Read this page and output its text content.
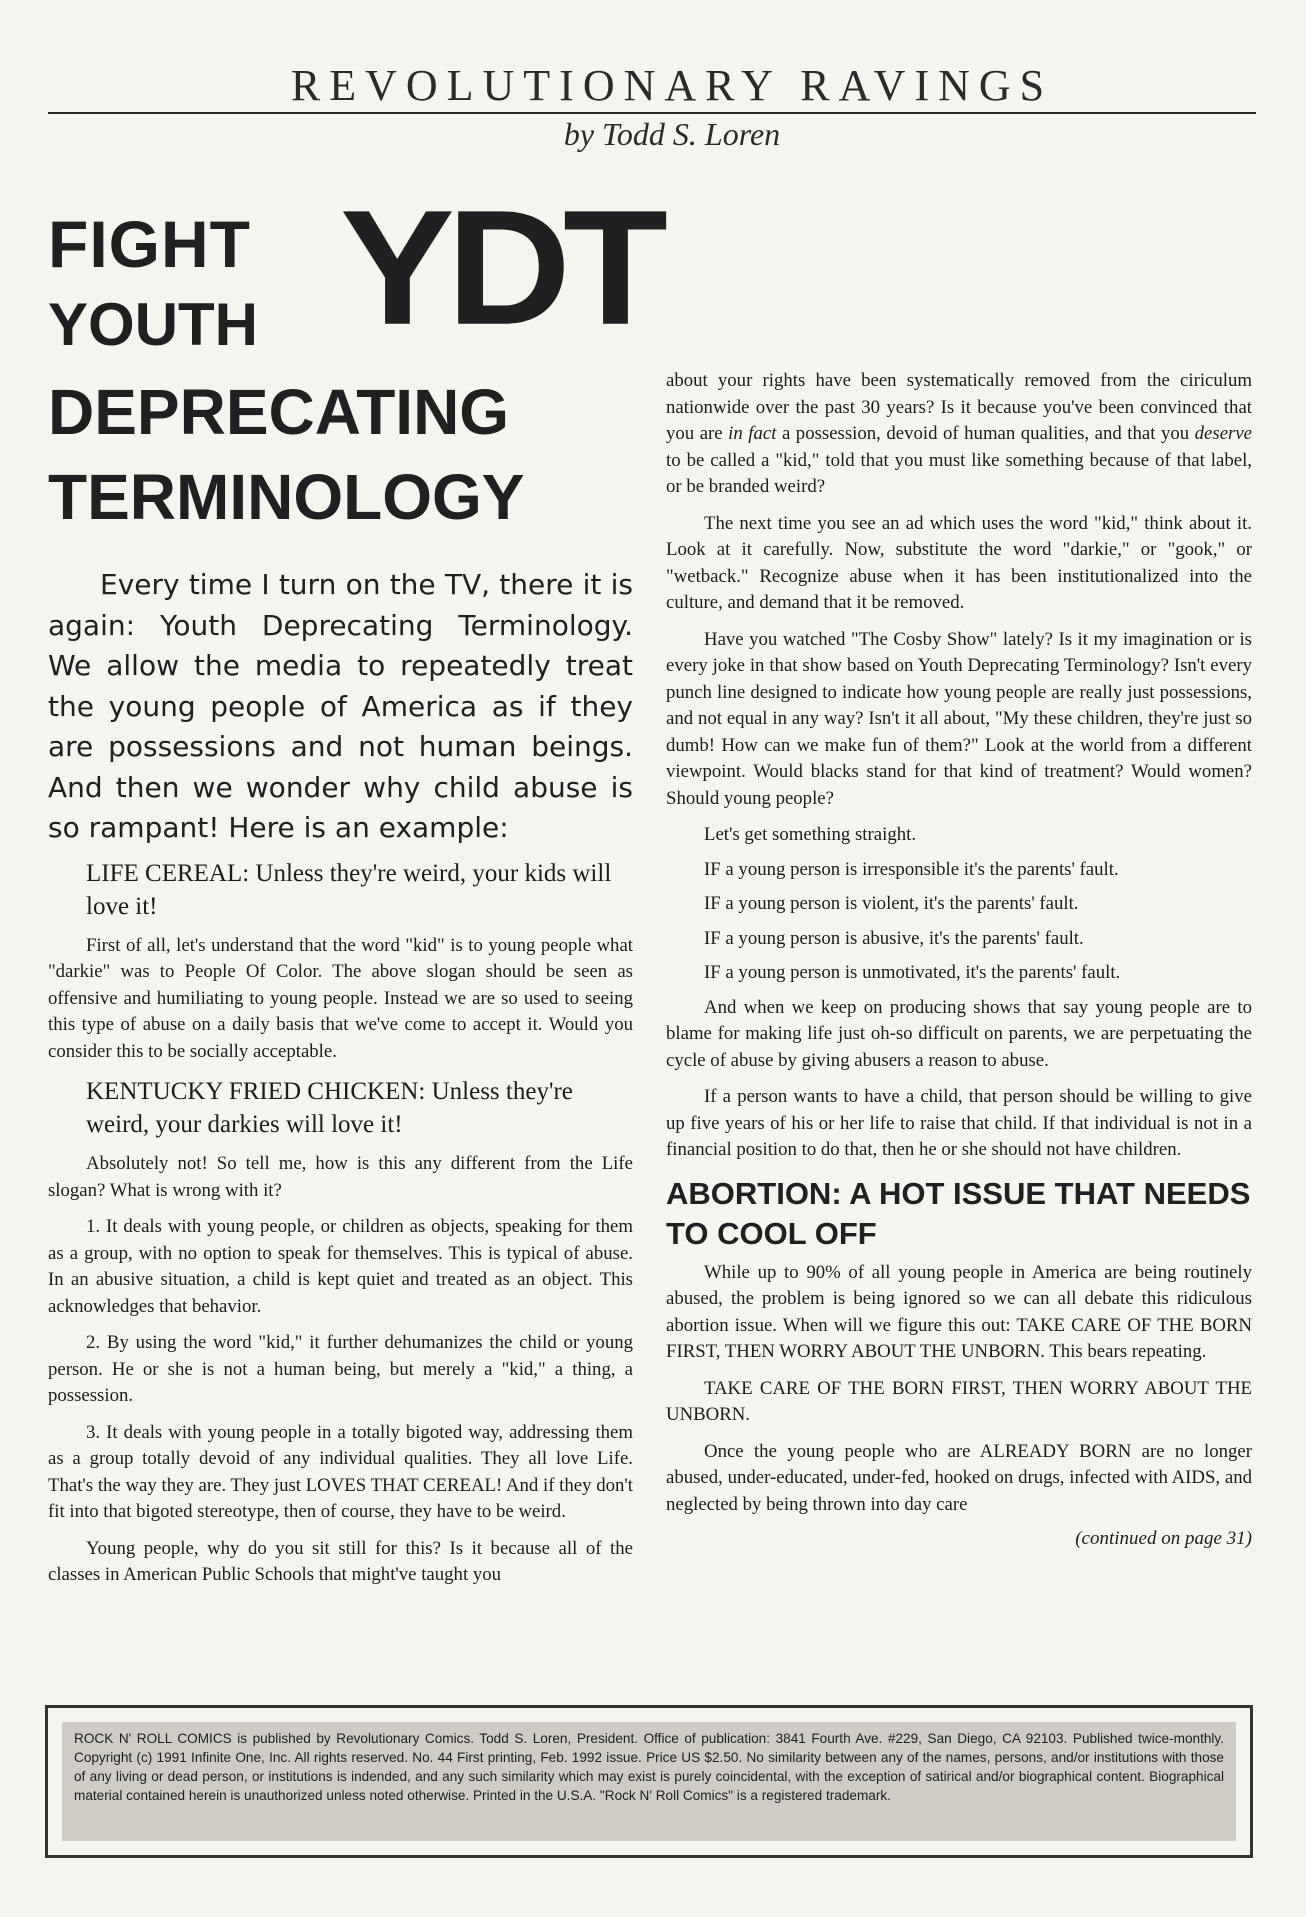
REVOLUTIONARY RAVINGS
by Todd S. Loren
FIGHT
YOUTH YDT
DEPRECATING
TERMINOLOGY

Every time I turn on the TV, there it is again: Youth Deprecating Terminology. We allow the media to repeatedly treat the young people of America as if they are possessions and not human beings. And then we wonder why child abuse is so rampant! Here is an example:

LIFE CEREAL: Unless they're weird, your kids will love it!

First of all, let's understand that the word "kid" is to young people what "darkie" was to People Of Color. The above slogan should be seen as offensive and humiliating to young people. Instead we are so used to seeing this type of abuse on a daily basis that we've come to accept it. Would you consider this to be socially acceptable.

KENTUCKY FRIED CHICKEN: Unless they're weird, your darkies will love it!

Absolutely not! So tell me, how is this any different from the Life slogan? What is wrong with it?

1. It deals with young people, or children as objects, speaking for them as a group, with no option to speak for themselves. This is typical of abuse. In an abusive situation, a child is kept quiet and treated as an object. This acknowledges that behavior.
2. By using the word "kid," it further dehumanizes the child or young person. He or she is not a human being, but merely a "kid," a thing, a possession.
3. It deals with young people in a totally bigoted way, addressing them as a group totally devoid of any individual qualities. They all love Life. That's the way they are. They just LOVES THAT CEREAL! And if they don't fit into that bigoted stereotype, then of course, they have to be weird.

Young people, why do you sit still for this? Is it because all of the classes in American Public Schools that might've taught you

about your rights have been systematically removed from the ciriculum nationwide over the past 30 years? Is it because you've been convinced that you are in fact a possession, devoid of human qualities, and that you deserve to be called a "kid," told that you must like something because of that label, or be branded weird?

The next time you see an ad which uses the word "kid," think about it. Look at it carefully. Now, substitute the word "darkie," or "gook," or "wetback." Recognize abuse when it has been institutionalized into the culture, and demand that it be removed.

Have you watched "The Cosby Show" lately? Is it my imagination or is every joke in that show based on Youth Deprecating Terminology? Isn't every punch line designed to indicate how young people are really just possessions, and not equal in any way? Isn't it all about, "My these children, they're just so dumb! How can we make fun of them?" Look at the world from a different viewpoint. Would blacks stand for that kind of treatment? Would women? Should young people?

Let's get something straight.

IF a young person is irresponsible it's the parents' fault.
IF a young person is violent, it's the parents' fault.
IF a young person is abusive, it's the parents' fault.
IF a young person is unmotivated, it's the parents' fault.

And when we keep on producing shows that say young people are to blame for making life just oh-so difficult on parents, we are perpetuating the cycle of abuse by giving abusers a reason to abuse.

If a person wants to have a child, that person should be willing to give up five years of his or her life to raise that child. If that individual is not in a financial position to do that, then he or she should not have children.

ABORTION: A HOT ISSUE THAT NEEDS TO COOL OFF

While up to 90% of all young people in America are being routinely abused, the problem is being ignored so we can all debate this ridiculous abortion issue. When will we figure this out: TAKE CARE OF THE BORN FIRST, THEN WORRY ABOUT THE UNBORN. This bears repeating.

TAKE CARE OF THE BORN FIRST, THEN WORRY ABOUT THE UNBORN.

Once the young people who are ALREADY BORN are no longer abused, under-educated, under-fed, hooked on drugs, infected with AIDS, and neglected by being thrown into day care

(continued on page 31)
ROCK N' ROLL COMICS is published by Revolutionary Comics. Todd S. Loren, President. Office of publication: 3841 Fourth Ave. #229, San Diego, CA 92103. Published twice-monthly. Copyright (c) 1991 Infinite One, Inc. All rights reserved. No. 44 First printing, Feb. 1992 issue. Price US $2.50. No similarity between any of the names, persons, and/or institutions with those of any living or dead person, or institutions is indended, and any such similarity which may exist is purely coincidental, with the exception of satirical and/or biographical content. Biographical material contained herein is unauthorized unless noted otherwise. Printed in the U.S.A. "Rock N' Roll Comics" is a registered trademark.
